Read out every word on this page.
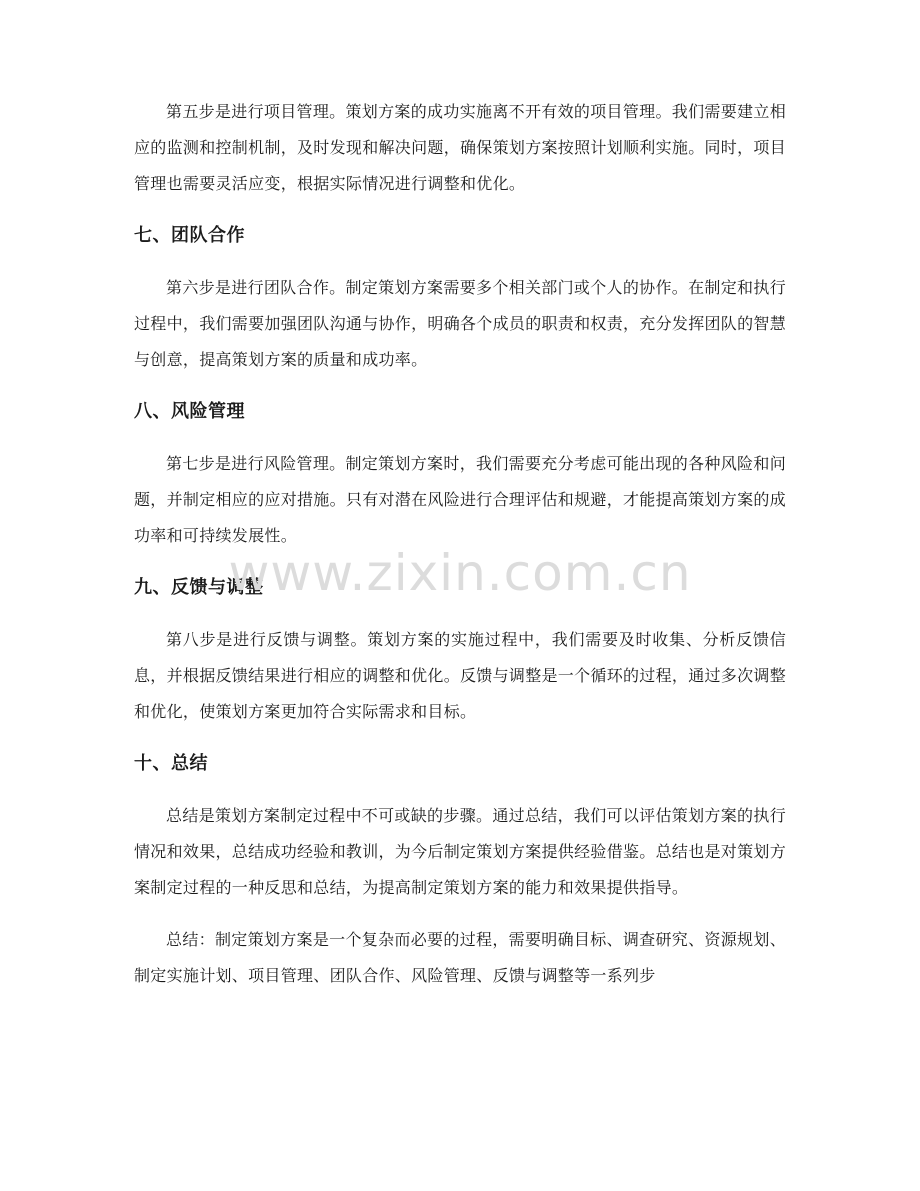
第五步是进行项目管理。策划方案的成功实施离不开有效的项目管理。我们需要建立相应的监测和控制机制，及时发现和解决问题，确保策划方案按照计划顺利实施。同时，项目管理也需要灵活应变，根据实际情况进行调整和优化。

七、团队合作

第六步是进行团队合作。制定策划方案需要多个相关部门或个人的协作。在制定和执行过程中，我们需要加强团队沟通与协作，明确各个成员的职责和权责，充分发挥团队的智慧与创意，提高策划方案的质量和成功率。

八、风险管理

第七步是进行风险管理。制定策划方案时，我们需要充分考虑可能出现的各种风险和问题，并制定相应的应对措施。只有对潜在风险进行合理评估和规避，才能提高策划方案的成功率和可持续发展性。

九、反馈与调整

第八步是进行反馈与调整。策划方案的实施过程中，我们需要及时收集、分析反馈信息，并根据反馈结果进行相应的调整和优化。反馈与调整是一个循环的过程，通过多次调整和优化，使策划方案更加符合实际需求和目标。

十、总结

总结是策划方案制定过程中不可或缺的步骤。通过总结，我们可以评估策划方案的执行情况和效果，总结成功经验和教训，为今后制定策划方案提供经验借鉴。总结也是对策划方案制定过程的一种反思和总结，为提高制定策划方案的能力和效果提供指导。

总结：制定策划方案是一个复杂而必要的过程，需要明确目标、调查研究、资源规划、制定实施计划、项目管理、团队合作、风险管理、反馈与调整等一系列步

www.zixin.com.cn
